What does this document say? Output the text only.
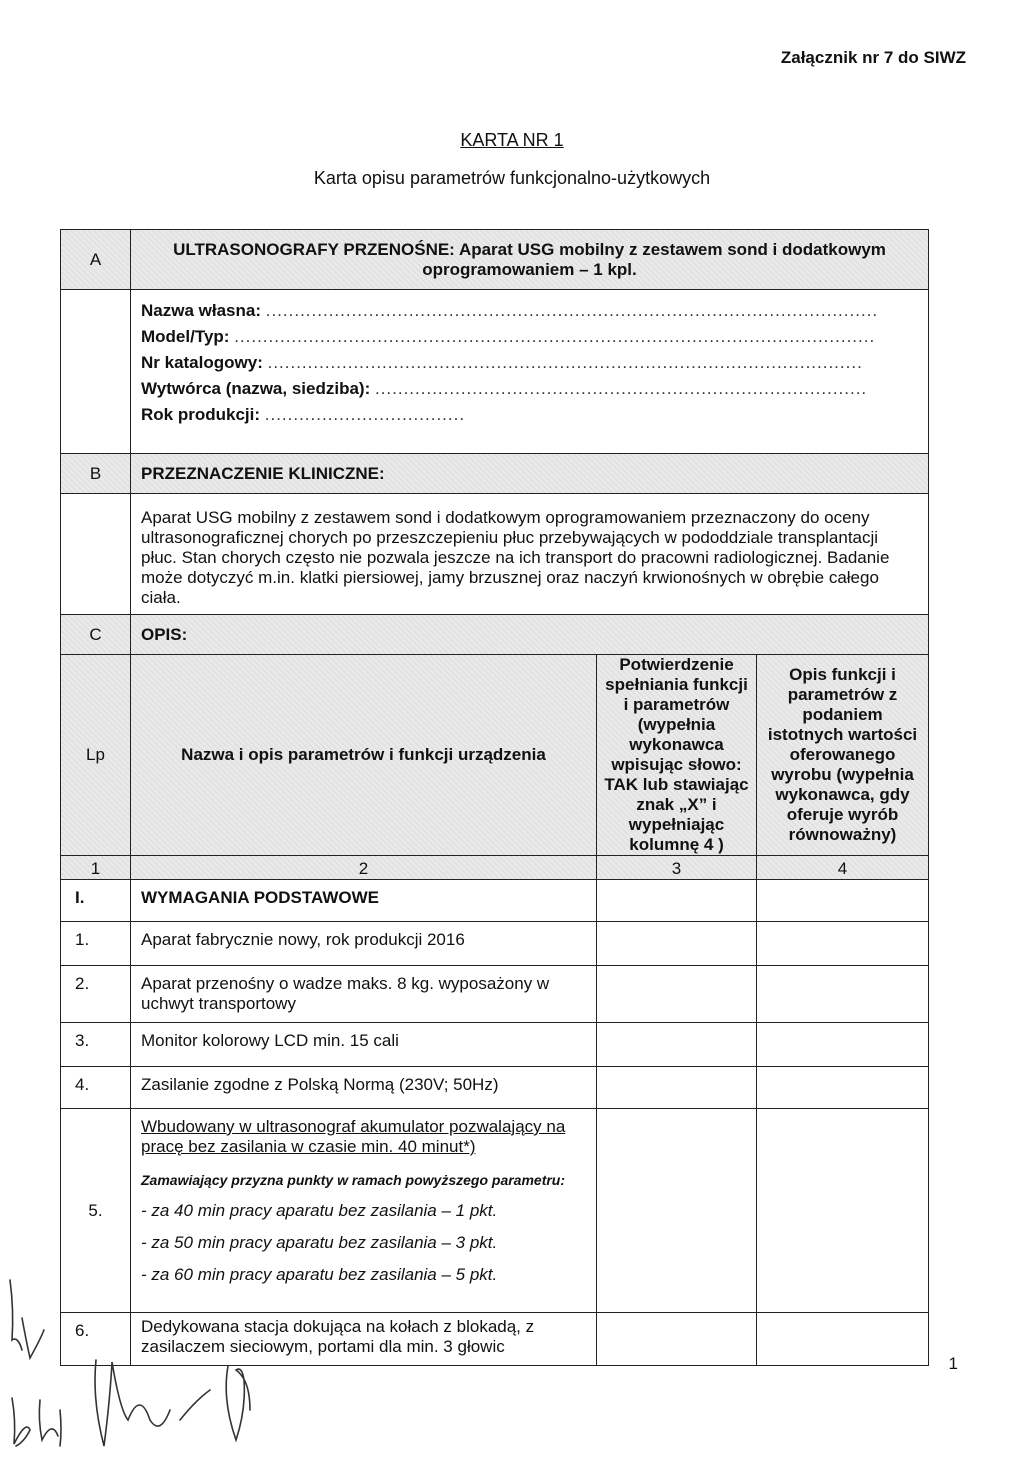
Załącznik nr 7 do SIWZ
KARTA NR 1
Karta opisu parametrów funkcjonalno-użytkowych
A	ULTRASONOGRAFY PRZENOŚNE: Aparat USG mobilny z zestawem sond i dodatkowym
oprogramowaniem – 1 kpl.		

	Nazwa własna: ...........................................................................................................
Model/Typ: ................................................................................................................
Nr katalogowy: ........................................................................................................
Wytwórca (nazwa, siedziba): ......................................................................................
Rok produkcji: ...................................		

B	PRZEZNACZENIE KLINICZNE:		
	Aparat USG mobilny z zestawem sond i dodatkowym oprogramowaniem przeznaczony do oceny ultrasonograficznej chorych po przeszczepieniu płuc przebywających w pododdziale transplantacji płuc. Stan chorych często nie pozwala jeszcze na ich transport do pracowni radiologicznej. Badanie może dotyczyć m.in. klatki piersiowej, jamy brzusznej oraz naczyń krwionośnych w obrębie całego ciała.		
C	OPIS:		
Lp	Nazwa i opis parametrów i funkcji urządzenia	Potwierdzenie spełniania funkcji i parametrów (wypełnia wykonawca wpisując słowo: TAK lub stawiając znak „X” i wypełniając kolumnę 4 )	Opis funkcji i parametrów z podaniem istotnych wartości oferowanego wyrobu (wypełnia wykonawca, gdy oferuje wyrób równoważny)
1	2	3	4
I.	WYMAGANIA PODSTAWOWE		
1.	Aparat fabrycznie nowy, rok produkcji 2016		
2.	Aparat przenośny o wadze maks. 8 kg. wyposażony w uchwyt transportowy		
3.	Monitor kolorowy LCD min. 15 cali		
4.	Zasilanie zgodne z Polską Normą (230V; 50Hz)		
5.	Wbudowany w ultrasonograf akumulator pozwalający na pracę bez zasilania w czasie min. 40 minut*)
Zamawiający przyzna punkty w ramach powyższego parametru:
- za 40 min pracy aparatu bez zasilania – 1 pkt.
- za 50 min pracy aparatu bez zasilania – 3 pkt.
- za 60 min pracy aparatu bez zasilania – 5 pkt.		

6.	Dedykowana stacja dokująca na kołach z blokadą, z zasilaczem sieciowym, portami dla min. 3 głowic		
1
